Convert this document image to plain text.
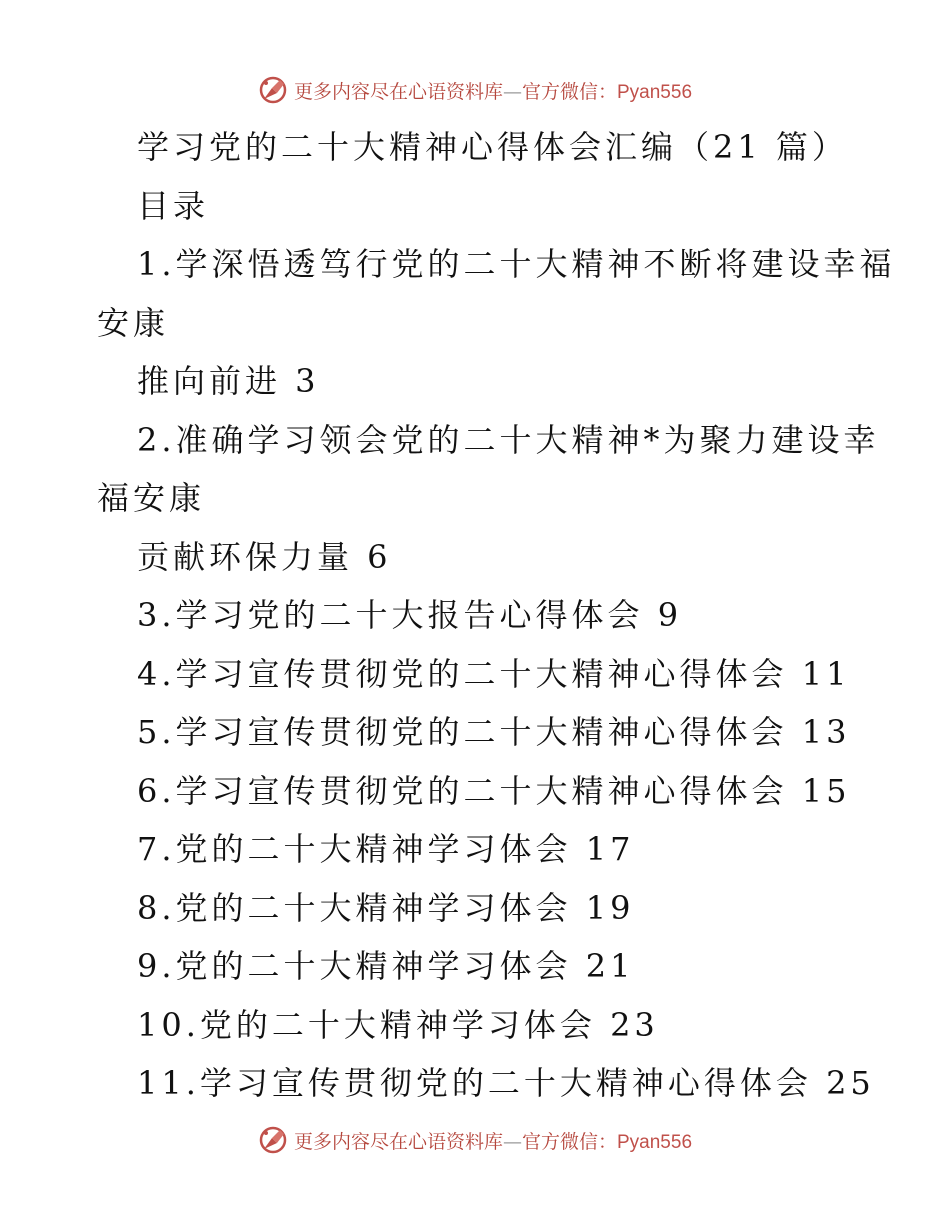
更多内容尽在心语资料库—官方微信：Pyan556
学习党的二十大精神心得体会汇编（21 篇）
目录
1.学深悟透笃行党的二十大精神不断将建设幸福
安康
推向前进 3
2.准确学习领会党的二十大精神*为聚力建设幸
福安康
贡献环保力量 6
3.学习党的二十大报告心得体会 9
4.学习宣传贯彻党的二十大精神心得体会 11
5.学习宣传贯彻党的二十大精神心得体会 13
6.学习宣传贯彻党的二十大精神心得体会 15
7.党的二十大精神学习体会 17
8.党的二十大精神学习体会 19
9.党的二十大精神学习体会 21
10.党的二十大精神学习体会 23
11.学习宣传贯彻党的二十大精神心得体会 25
更多内容尽在心语资料库—官方微信：Pyan556
